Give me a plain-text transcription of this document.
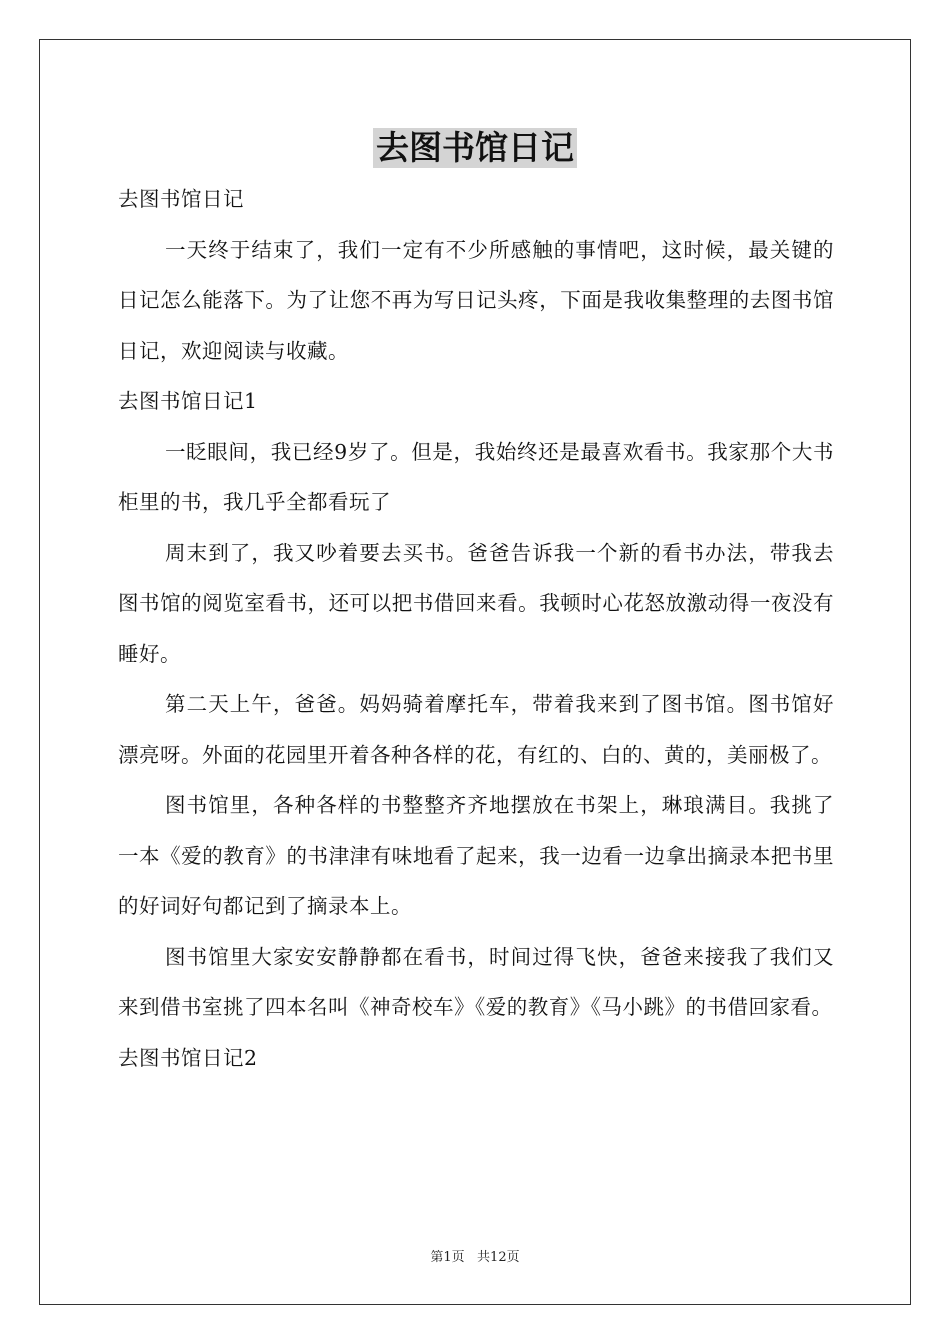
去图书馆日记
去图书馆日记

一天终于结束了，我们一定有不少所感触的事情吧，这时候，最关键的日记怎么能落下。为了让您不再为写日记头疼，下面是我收集整理的去图书馆日记，欢迎阅读与收藏。

去图书馆日记1

一眨眼间，我已经9岁了。但是，我始终还是最喜欢看书。我家那个大书柜里的书，我几乎全都看玩了

周末到了，我又吵着要去买书。爸爸告诉我一个新的看书办法，带我去图书馆的阅览室看书，还可以把书借回来看。我顿时心花怒放激动得一夜没有睡好。

第二天上午，爸爸。妈妈骑着摩托车，带着我来到了图书馆。图书馆好漂亮呀。外面的花园里开着各种各样的花，有红的、白的、黄的，美丽极了。

图书馆里，各种各样的书整整齐齐地摆放在书架上，琳琅满目。我挑了一本《爱的教育》的书津津有味地看了起来，我一边看一边拿出摘录本把书里的好词好句都记到了摘录本上。

图书馆里大家安安静静都在看书，时间过得飞快，爸爸来接我了我们又来到借书室挑了四本名叫《神奇校车》《爱的教育》《马小跳》的书借回家看。

去图书馆日记2
第1页   共12页
